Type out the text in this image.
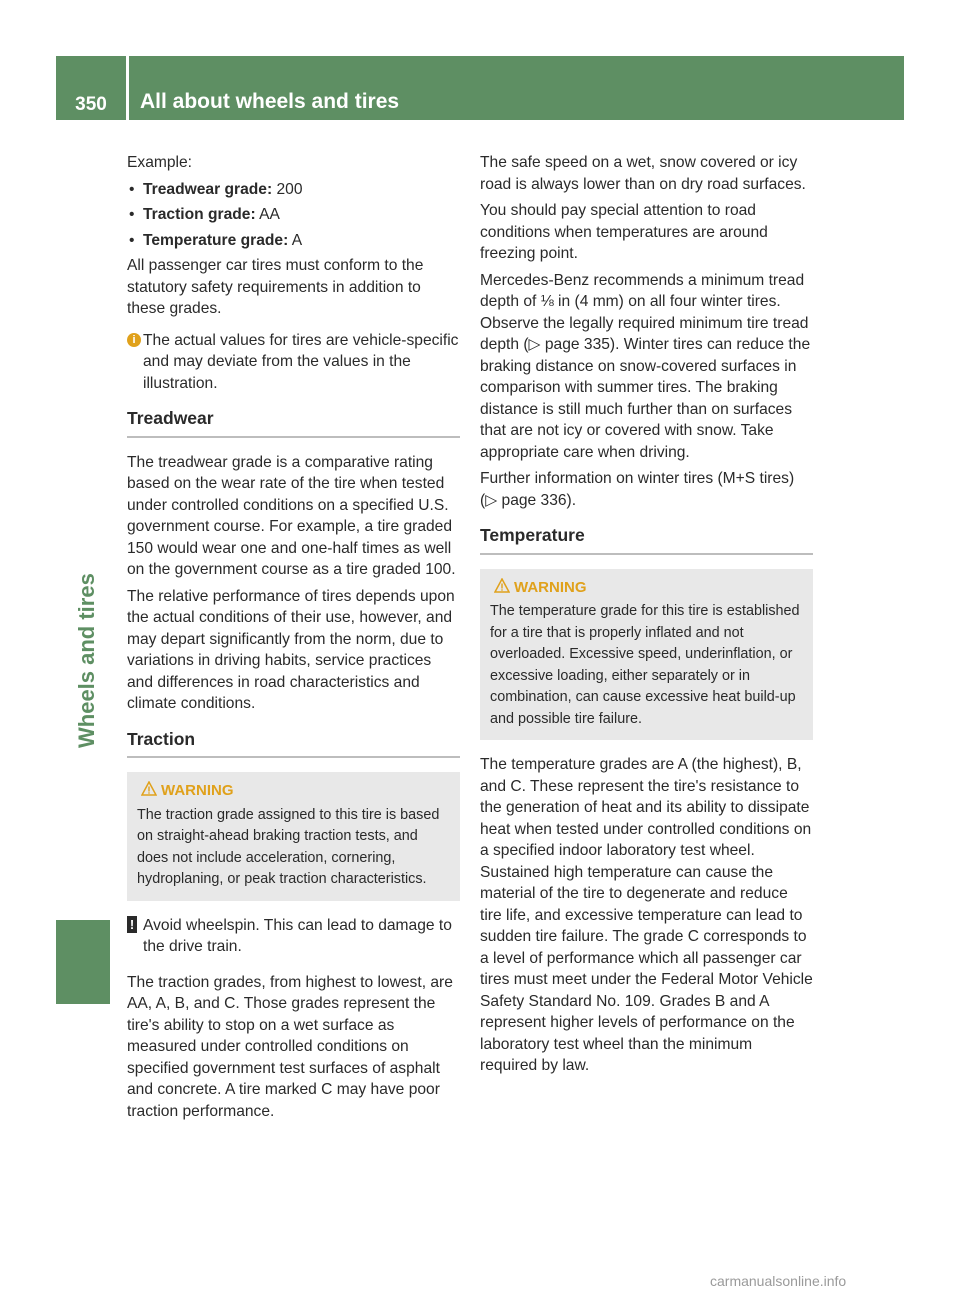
350	All about wheels and tires
Wheels and tires

Example:

• Treadwear grade: 200
• Traction grade: AA
• Temperature grade: A

All passenger car tires must conform to the statutory safety requirements in addition to these grades.

i The actual values for tires are vehicle-specific and may deviate from the values in the illustration.
Treadwear

The treadwear grade is a comparative rating based on the wear rate of the tire when tested under controlled conditions on a specified U.S. government course. For example, a tire graded 150 would wear one and one-half times as well on the government course as a tire graded 100.

The relative performance of tires depends upon the actual conditions of their use, however, and may depart significantly from the norm, due to variations in driving habits, service practices and differences in road characteristics and climate conditions.

Traction
WARNING
The traction grade assigned to this tire is based on straight-ahead braking traction tests, and does not include acceleration, cornering, hydroplaning, or peak traction characteristics.
! Avoid wheelspin. This can lead to damage to the drive train.

The traction grades, from highest to lowest, are AA, A, B, and C. Those grades represent the tire's ability to stop on a wet surface as measured under controlled conditions on specified government test surfaces of asphalt and concrete. A tire marked C may have poor traction performance.

The safe speed on a wet, snow covered or icy road is always lower than on dry road surfaces.

You should pay special attention to road conditions when temperatures are around freezing point.

Mercedes-Benz recommends a minimum tread depth of ⅛ in (4 mm) on all four winter tires. Observe the legally required minimum tire tread depth (▷ page 335). Winter tires can reduce the braking distance on snow-covered surfaces in comparison with summer tires. The braking distance is still much further than on surfaces that are not icy or covered with snow. Take appropriate care when driving.

Further information on winter tires (M+S tires) (▷ page 336).

Temperature
WARNING
The temperature grade for this tire is established for a tire that is properly inflated and not overloaded. Excessive speed, underinflation, or excessive loading, either separately or in combination, can cause excessive heat build-up and possible tire failure.

The temperature grades are A (the highest), B, and C. These represent the tire's resistance to the generation of heat and its ability to dissipate heat when tested under controlled conditions on a specified indoor laboratory test wheel. Sustained high temperature can cause the material of the tire to degenerate and reduce tire life, and excessive temperature can lead to sudden tire failure. The grade C corresponds to a level of performance which all passenger car tires must meet under the Federal Motor Vehicle Safety Standard No. 109. Grades B and A represent higher levels of performance on the laboratory test wheel than the minimum required by law.

carmanualsonline.info
